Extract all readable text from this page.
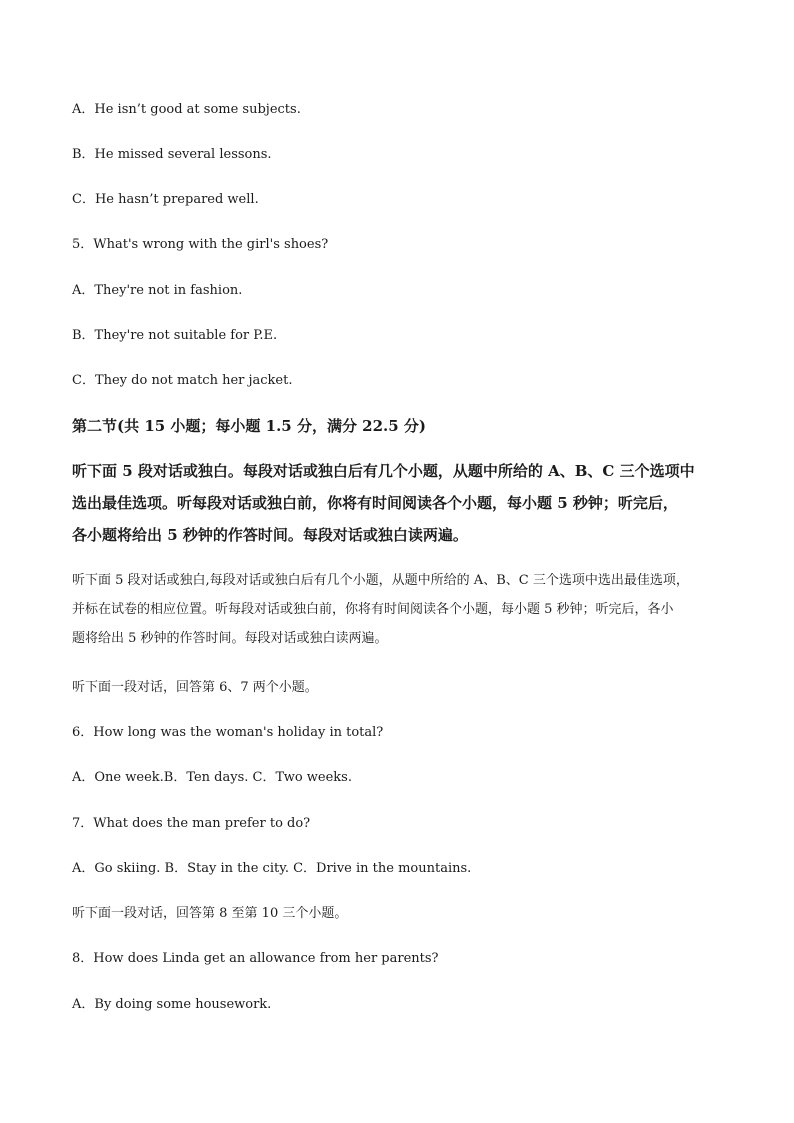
A．He isn’t good at some subjects.
B．He missed several lessons.
C．He hasn’t prepared well.
5．What's wrong with the girl's shoes?
A．They're not in fashion.
B．They're not suitable for P.E.
C．They do not match her jacket.
第二节(共 15 小题；每小题 1.5 分，满分 22.5 分)
听下面 5 段对话或独白。每段对话或独白后有几个小题，从题中所给的 A、B、C 三个选项中
选出最佳选项。听每段对话或独白前，你将有时间阅读各个小题，每小题 5 秒钟；听完后，
各小题将给出 5 秒钟的作答时间。每段对话或独白读两遍。
听下面 5 段对话或独白,每段对话或独白后有几个小题，从题中所给的 A、B、C 三个选项中选出最佳选项，
并标在试卷的相应位置。听每段对话或独白前，你将有时间阅读各个小题，每小题 5 秒钟；听完后，各小
题将给出 5 秒钟的作答时间。每段对话或独白读两遍。
听下面一段对话，回答第 6、7 两个小题。
6．How long was the woman's holiday in total?
A．One week.B．Ten days. C．Two weeks.
7．What does the man prefer to do?
A．Go skiing. B．Stay in the city. C．Drive in the mountains.
听下面一段对话，回答第 8 至第 10 三个小题。
8．How does Linda get an allowance from her parents?
A．By doing some housework.
